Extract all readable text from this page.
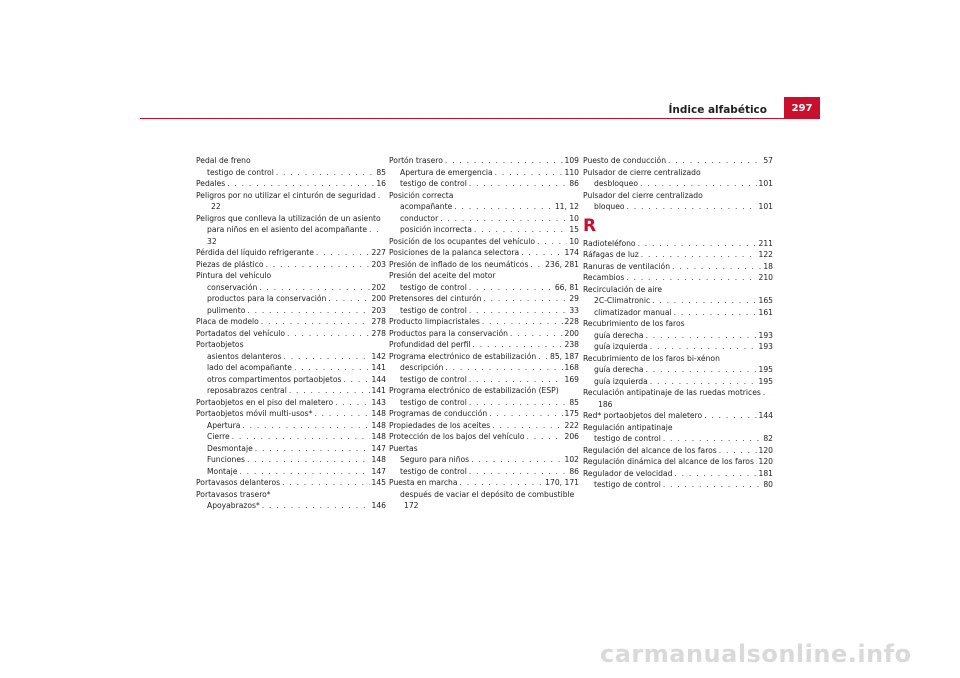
Índice alfabético	297
Pedal de freno
testigo de control . . .	85
Pedales . . .	16
Peligros por no utilizar el cinturón de seguridad
. . .
22
Peligros que conlleva la utilización de un asiento
para niños en el asiento del acompañante
. . .
32
Pérdida del líquido refrigerante . . .	227
Piezas de plástico . . .	203
Pintura del vehículo
conservación . . .	202
productos para la conservación . . .	200
pulimento . . .	203
Placa de modelo . . .	278
Portadatos del vehículo . . .	278
Portaobjetos
asientos delanteros . . .	142
lado del acompañante . . .	141
otros compartimentos portaobjetos . . .	144
reposabrazos central . . .	141
Portaobjetos en el piso del maletero . . .	143
Portaobjetos móvil multi-usos* . . .	148
Apertura . . .	148
Cierre . . .	148
Desmontaje . . .	147
Funciones . . .	148
Montaje . . .	147
Portavasos delanteros . . .	145
Portavasos trasero*
Apoyabrazos* . . .	146
Portón trasero . . .	109
Apertura de emergencia . . .	110
testigo de control . . .	86
Posición correcta
acompañante . . .	11, 12
conductor . . .	10
posición incorrecta . . .	15
Posición de los ocupantes del vehículo . . .	10
Posiciones de la palanca selectora . . .	174
Presión de inflado de los neumáticos . . . 236, 281
Presión del aceite del motor
testigo de control . . .	66, 81
Pretensores del cinturón . . .	29
testigo de control . . .	33
Producto limpiacristales . . .	228
Productos para la conservación . . .	200
Profundidad del perfil . . .	238
Programa electrónico de estabilización . . . 85, 187
descripción . . .	168
testigo de control . . .	169
Programa electrónico de estabilización (ESP)
testigo de control . . .	85
Programas de conducción . . .	175
Propiedades de los aceites . . .	222
Protección de los bajos del vehículo . . .	206
Puertas
Seguro para niños . . .	102
testigo de control . . .	86
Puesta en marcha . . .	170, 171
después de vaciar el depósito de combustible
. . .
172
Puesto de conducción . . .	57
Pulsador de cierre centralizado
desbloqueo . . .	101
Pulsador del cierre centralizado
bloqueo . . .	101
R
Radioteléfono . . .	211
Ráfagas de luz . . .	122
Ranuras de ventilación . . .	18
Recambios . . .	210
Recirculación de aire
2C-Climatronic . . .	165
climatizador manual . . .	161
Recubrimiento de los faros
guía derecha . . .	193
guía izquierda . . .	193
Recubrimiento de los faros bi-xénon
guía derecha . . .	195
guía izquierda . . .	195
Reculación antipatinaje de las ruedas motrices
. . .
186
Red* portaobjetos del maletero . . .	144
Regulación antipatinaje
testigo de control . . .	82
Regulación del alcance de los faros . . .	120
Regulación dinámica del alcance de los faros . . . 120
Regulador de velocidad . . .	181
testigo de control . . .	80
carmanualsonline.info
